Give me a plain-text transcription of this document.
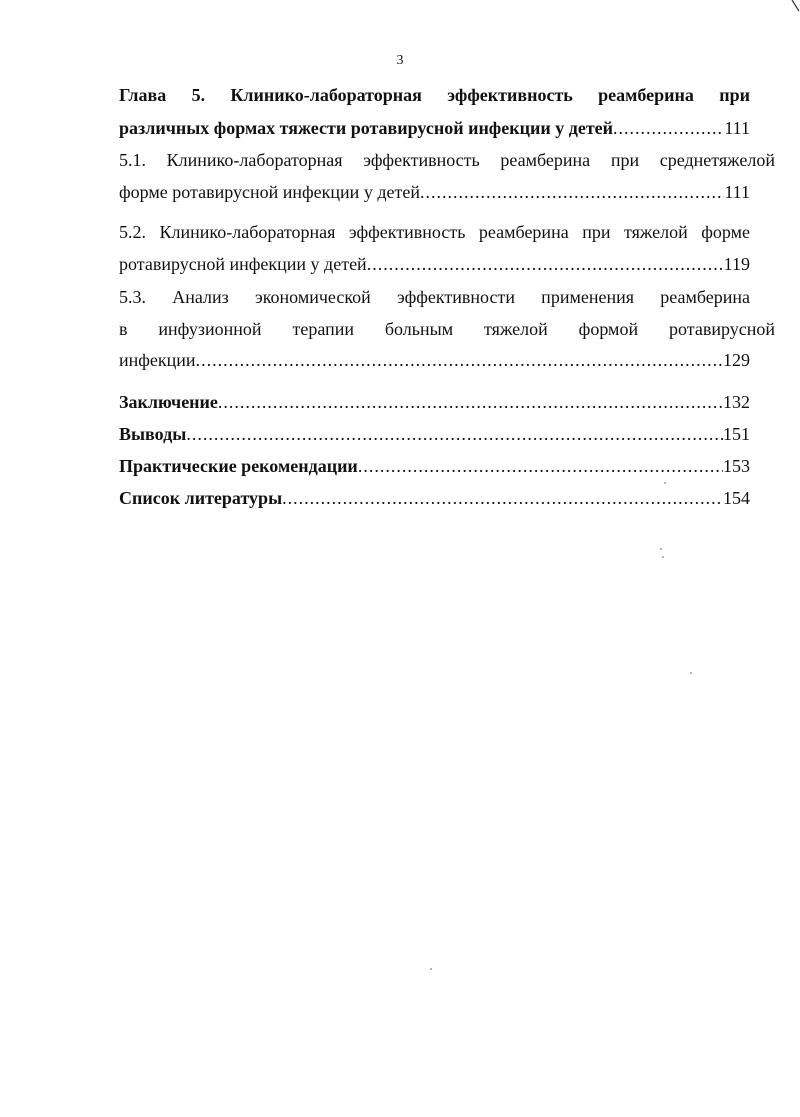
3
Глава 5. Клинико-лабораторная эффективность реамберина при
различных формах тяжести ротавирусной инфекции у детей .....	111
5.1. Клинико-лабораторная эффективность реамберина при среднетяжелой
форме ротавирусной инфекции у детей .....	111
5.2. Клинико-лабораторная эффективность реамберина при тяжелой форме
ротавирусной инфекции у детей .....	119
5.3. Анализ экономической эффективности применения реамберина
в инфузионной терапии больным тяжелой формой ротавирусной
инфекции .....	129
Заключение .....	.132
Выводы .....	151
Практические рекомендации .....	153
Список литературы .....	154
